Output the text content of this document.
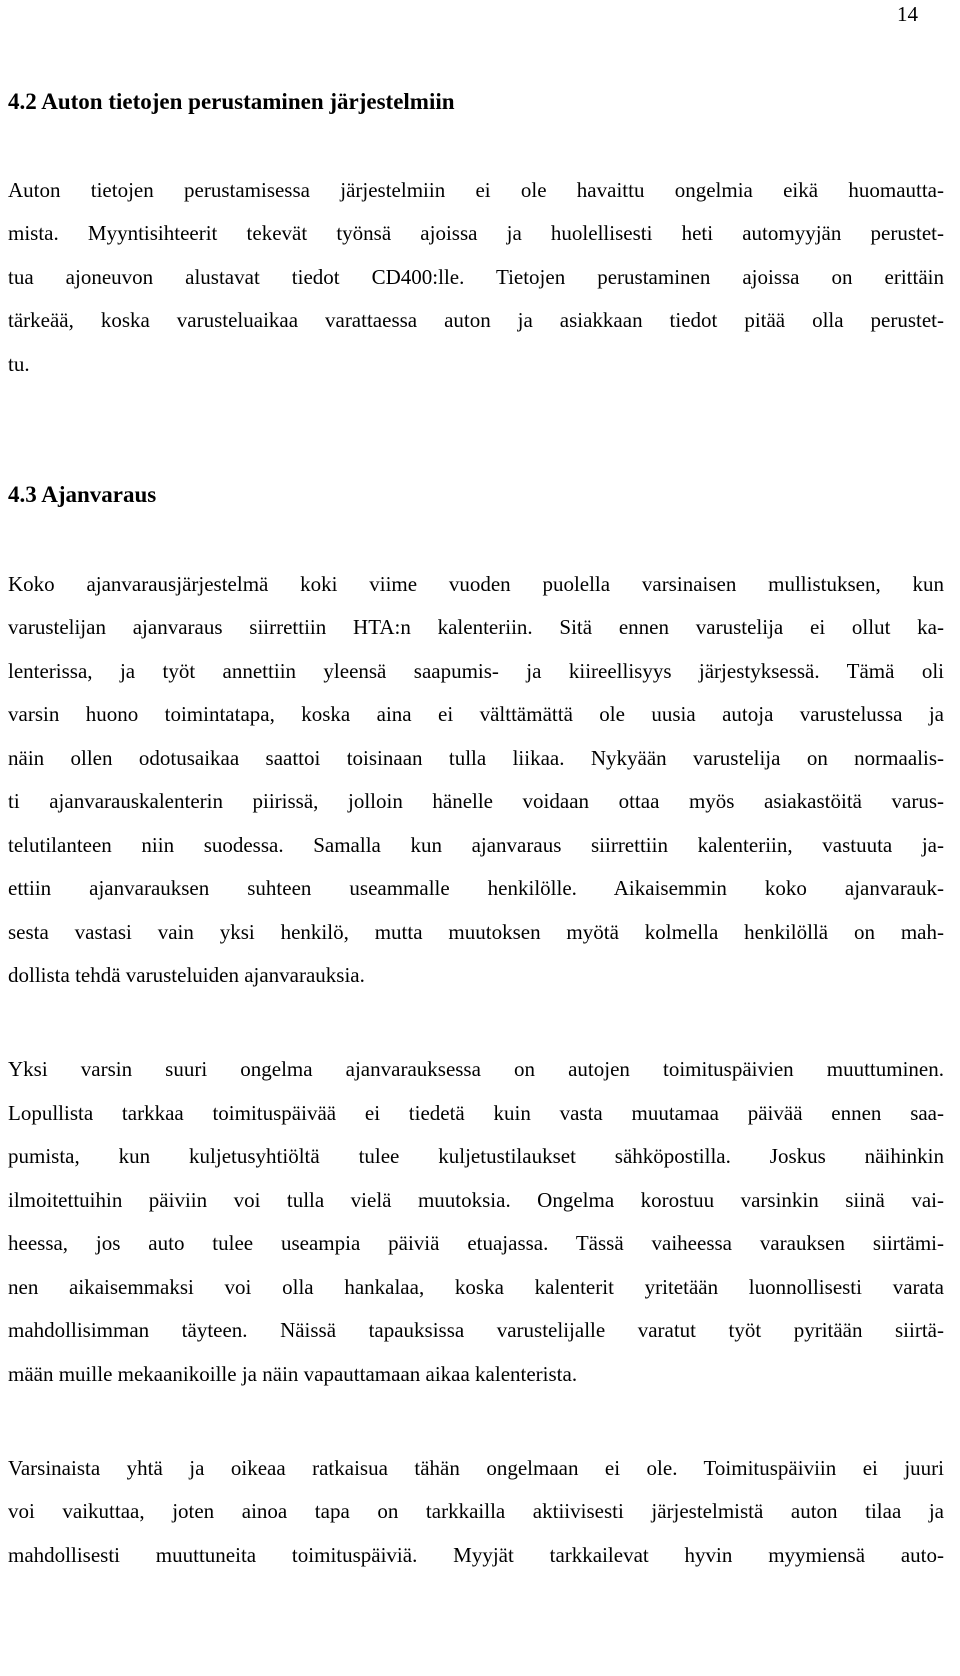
14
4.2 Auton tietojen perustaminen järjestelmiin
Auton tietojen perustamisessa järjestelmiin ei ole havaittu ongelmia eikä huomautta-
mista. Myyntisihteerit tekevät työnsä ajoissa ja huolellisesti heti automyyjän perustet-
tua ajoneuvon alustavat tiedot CD400:lle. Tietojen perustaminen ajoissa on erittäin
tärkeää, koska varusteluaikaa varattaessa auton ja asiakkaan tiedot pitää olla perustet-
tu.
4.3 Ajanvaraus
Koko ajanvarausjärjestelmä koki viime vuoden puolella varsinaisen mullistuksen, kun
varustelijan ajanvaraus siirrettiin HTA:n kalenteriin. Sitä ennen varustelija ei ollut ka-
lenterissa, ja työt annettiin yleensä saapumis- ja kiireellisyys järjestyksessä. Tämä oli
varsin huono toimintatapa, koska aina ei välttämättä ole uusia autoja varustelussa ja
näin ollen odotusaikaa saattoi toisinaan tulla liikaa. Nykyään varustelija on normaalis-
ti ajanvarauskalenterin piirissä, jolloin hänelle voidaan ottaa myös asiakastöitä varus-
telutilanteen niin suodessa. Samalla kun ajanvaraus siirrettiin kalenteriin, vastuuta ja-
ettiin ajanvarauksen suhteen useammalle henkilölle. Aikaisemmin koko ajanvarauk-
sesta vastasi vain yksi henkilö, mutta muutoksen myötä kolmella henkilöllä on mah-
dollista tehdä varusteluiden ajanvarauksia.
Yksi varsin suuri ongelma ajanvarauksessa on autojen toimituspäivien muuttuminen.
Lopullista tarkkaa toimituspäivää ei tiedetä kuin vasta muutamaa päivää ennen saa-
pumista, kun kuljetusyhtiöltä tulee kuljetustilaukset sähköpostilla. Joskus näihinkin
ilmoitettuihin päiviin voi tulla vielä muutoksia. Ongelma korostuu varsinkin siinä vai-
heessa, jos auto tulee useampia päiviä etuajassa. Tässä vaiheessa varauksen siirtämi-
nen aikaisemmaksi voi olla hankalaa, koska kalenterit yritetään luonnollisesti varata
mahdollisimman täyteen. Näissä tapauksissa varustelijalle varatut työt pyritään siirtä-
mään muille mekaanikoille ja näin vapauttamaan aikaa kalenterista.
Varsinaista yhtä ja oikeaa ratkaisua tähän ongelmaan ei ole. Toimituspäiviin ei juuri
voi vaikuttaa, joten ainoa tapa on tarkkailla aktiivisesti järjestelmistä auton tilaa ja
mahdollisesti muuttuneita toimituspäiviä. Myyjät tarkkailevat hyvin myymiensä auto-
